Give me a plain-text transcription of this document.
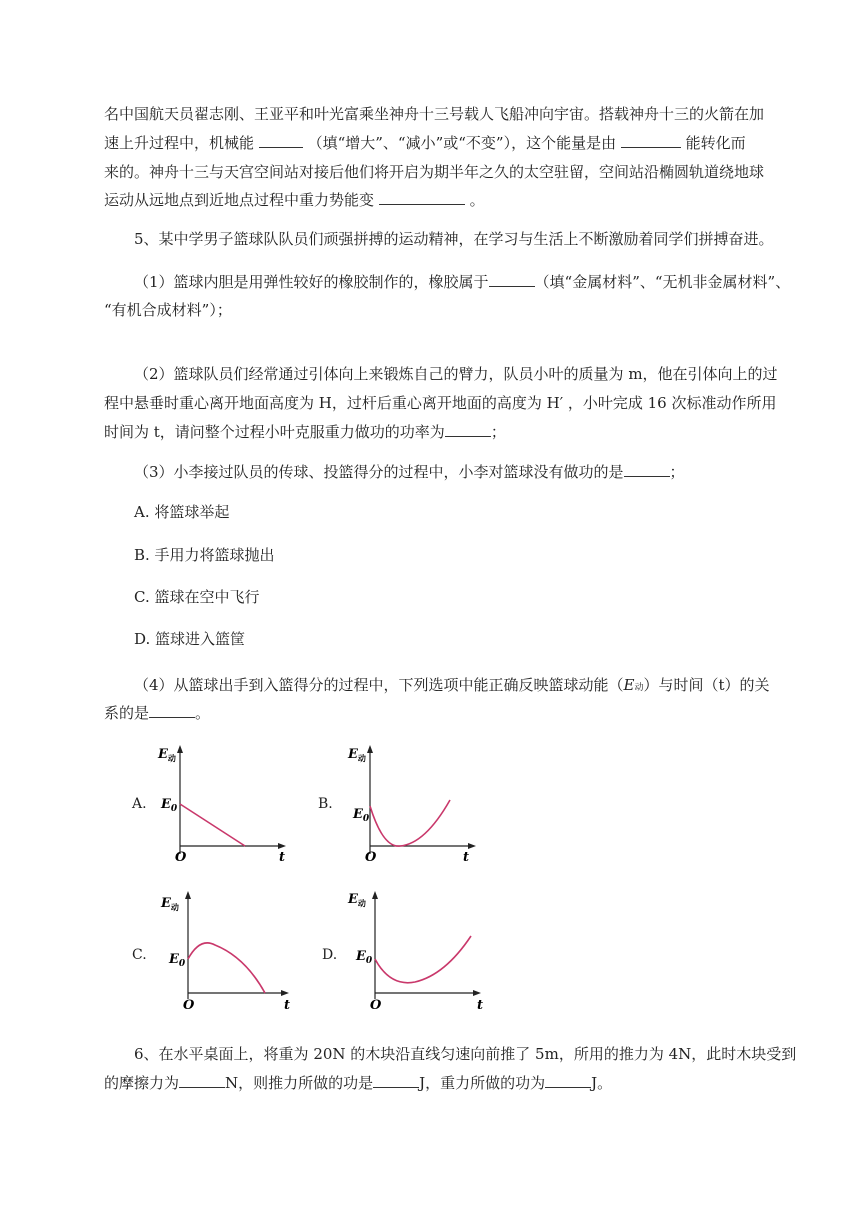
名中国航天员翟志刚、王亚平和叶光富乘坐神舟十三号载人飞船冲向宇宙。搭载神舟十三的火箭在加
速上升过程中，机械能	（填“增大”、“减小”或“不变”），这个能量是由	能转化而
来的。神舟十三与天宫空间站对接后他们将开启为期半年之久的太空驻留，空间站沿椭圆轨道绕地球
运动从远地点到近地点过程中重力势能变	。
5、某中学男子篮球队队员们顽强拼搏的运动精神，在学习与生活上不断激励着同学们拼搏奋进。
（1）篮球内胆是用弹性较好的橡胶制作的，橡胶属于	（填“金属材料”、“无机非金属材料”、
“有机合成材料”）；
（2）篮球队员们经常通过引体向上来锻炼自己的臂力，队员小叶的质量为 m，他在引体向上的过
程中悬垂时重心离开地面高度为 H，过杆后重心离开地面的高度为 H′ ，小叶完成 16 次标准动作所用
时间为 t，请问整个过程小叶克服重力做功的功率为	；
（3）小李接过队员的传球、投篮得分的过程中，小李对篮球没有做功的是	；
A. 将篮球举起
B. 手用力将篮球抛出
C. 篮球在空中飞行
D. 篮球进入篮筐
（4）从篮球出手到入篮得分的过程中，下列选项中能正确反映篮球动能（E动）与时间（t）的关
系的是	。
A.	B.
C.	D.
$E_动$
$E_0$
O	t
$E_动$
$E_0$
O	t
$E_动$
$E_0$
O	t
$E_动$
$E_0$
O	t
6、在水平桌面上，将重为 20N 的木块沿直线匀速向前推了 5m，所用的推力为 4N，此时木块受到
的摩擦力为	N，则推力所做的功是	J，重力所做的功为	J。
